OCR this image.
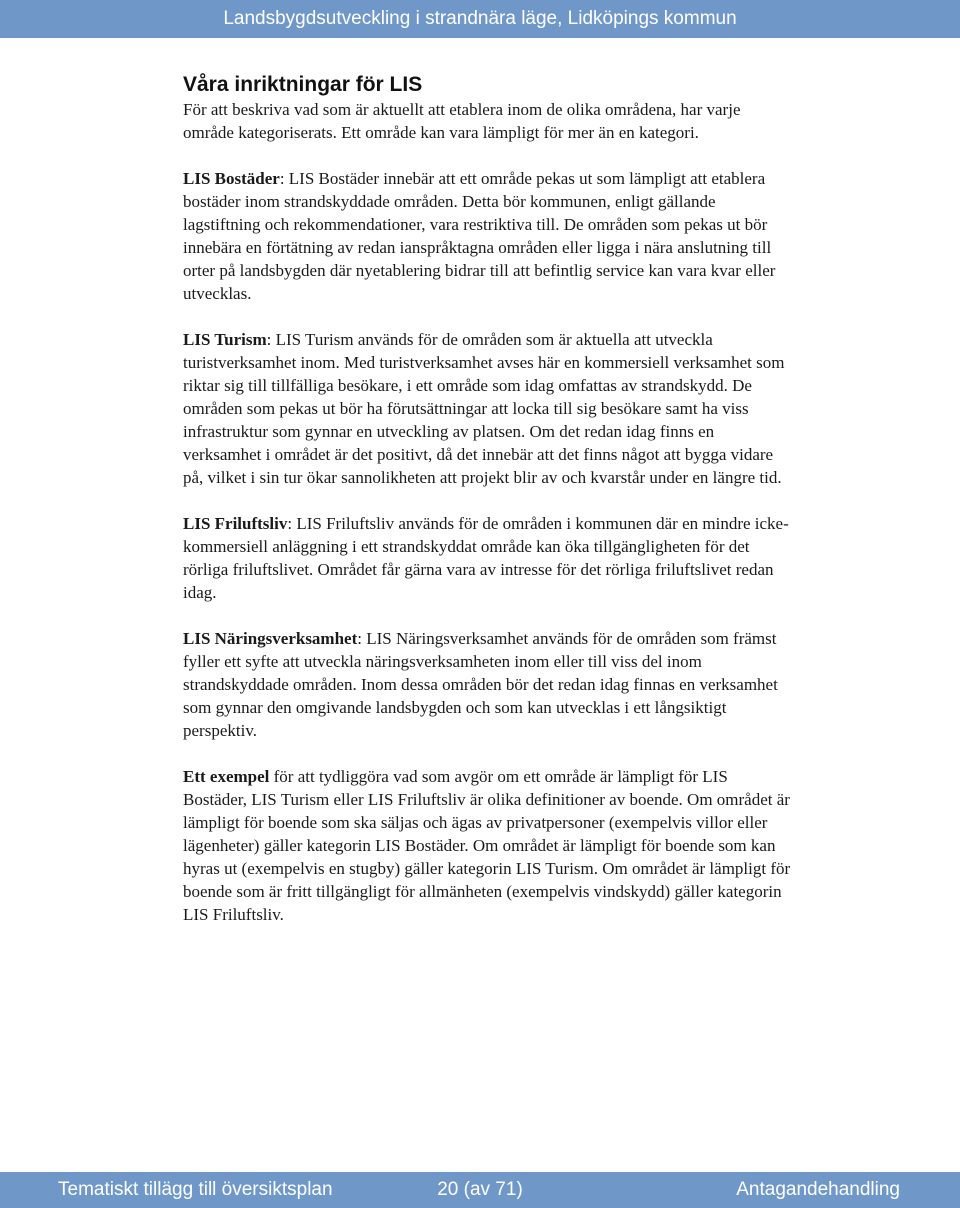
Landsbygdsutveckling i strandnära läge, Lidköpings kommun
Våra inriktningar för LIS

För att beskriva vad som är aktuellt att etablera inom de olika områdena, har varje område kategoriserats. Ett område kan vara lämpligt för mer än en kategori.

LIS Bostäder: LIS Bostäder innebär att ett område pekas ut som lämpligt att etablera bostäder inom strandskyddade områden. Detta bör kommunen, enligt gällande lagstiftning och rekommendationer, vara restriktiva till. De områden som pekas ut bör innebära en förtätning av redan ianspråktagna områden eller ligga i nära anslutning till orter på landsbygden där nyetablering bidrar till att befintlig service kan vara kvar eller utvecklas.

LIS Turism: LIS Turism används för de områden som är aktuella att utveckla turistverksamhet inom. Med turistverksamhet avses här en kommersiell verksamhet som riktar sig till tillfälliga besökare, i ett område som idag omfattas av strandskydd. De områden som pekas ut bör ha förutsättningar att locka till sig besökare samt ha viss infrastruktur som gynnar en utveckling av platsen. Om det redan idag finns en verksamhet i området är det positivt, då det innebär att det finns något att bygga vidare på, vilket i sin tur ökar sannolikheten att projekt blir av och kvarstår under en längre tid.

LIS Friluftsliv: LIS Friluftsliv används för de områden i kommunen där en mindre icke-kommersiell anläggning i ett strandskyddat område kan öka tillgängligheten för det rörliga friluftslivet. Området får gärna vara av intresse för det rörliga friluftslivet redan idag.

LIS Näringsverksamhet: LIS Näringsverksamhet används för de områden som främst fyller ett syfte att utveckla näringsverksamheten inom eller till viss del inom strandskyddade områden. Inom dessa områden bör det redan idag finnas en verksamhet som gynnar den omgivande landsbygden och som kan utvecklas i ett långsiktigt perspektiv.

Ett exempel för att tydliggöra vad som avgör om ett område är lämpligt för LIS Bostäder, LIS Turism eller LIS Friluftsliv är olika definitioner av boende. Om området är lämpligt för boende som ska säljas och ägas av privatpersoner (exempelvis villor eller lägenheter) gäller kategorin LIS Bostäder. Om området är lämpligt för boende som kan hyras ut (exempelvis en stugby) gäller kategorin LIS Turism. Om området är lämpligt för boende som är fritt tillgängligt för allmänheten (exempelvis vindskydd) gäller kategorin LIS Friluftsliv.

20 (av 71)
Tematiskt tillägg till översiktsplan	Antagandehandling
